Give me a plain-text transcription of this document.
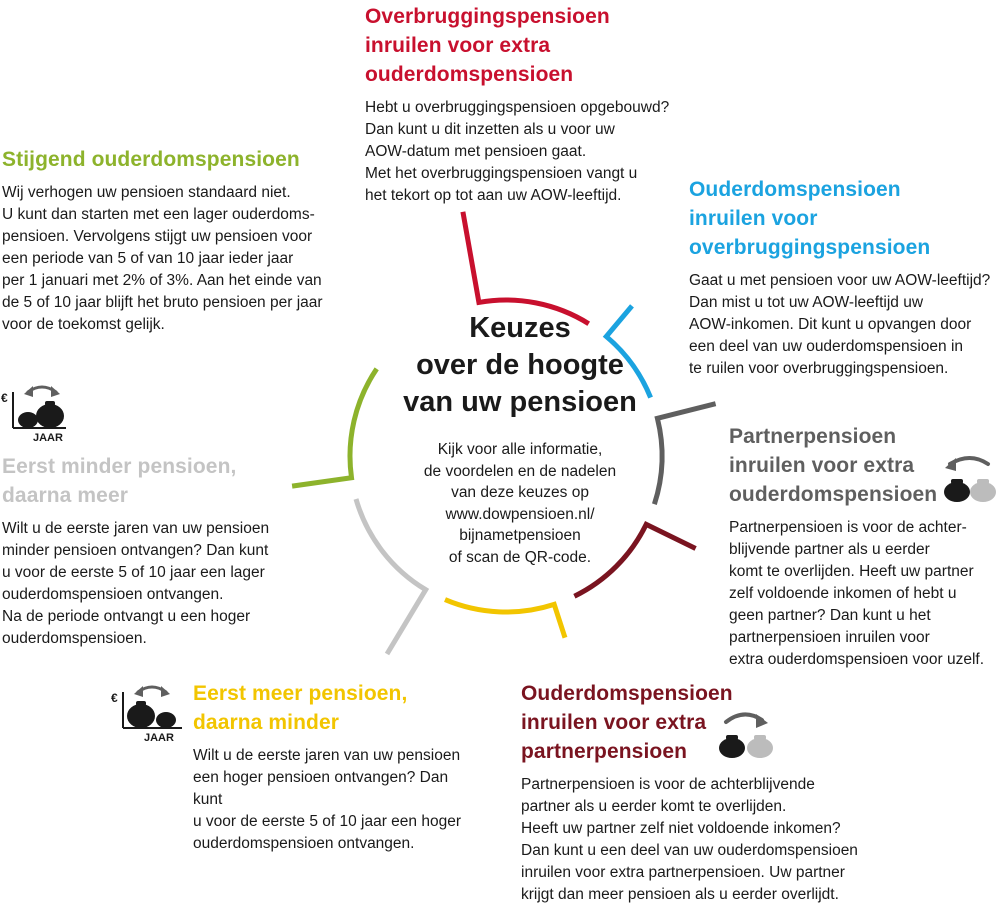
€
JAAR
€
JAAR
Keuzes
over de hoogte
van uw pensioen
Kijk voor alle informatie,
de voordelen en de nadelen
van deze keuzes op
www.dowpensioen.nl/
bijnametpensioen
of scan de QR-code.

Overbruggingspensioen
inruilen voor extra
ouderdomspensioen

Hebt u overbruggingspensioen opgebouwd?
Dan kunt u dit inzetten als u voor uw
AOW-datum met pensioen gaat.
Met het overbruggingspensioen vangt u
het tekort op tot aan uw AOW-leeftijd.

Stijgend ouderdomspensioen

Wij verhogen uw pensioen standaard niet.
U kunt dan starten met een lager ouderdoms-
pensioen. Vervolgens stijgt uw pensioen voor
een periode van 5 of van 10 jaar ieder jaar
per 1 januari met 2% of 3%. Aan het einde van
de 5 of 10 jaar blijft het bruto pensioen per jaar
voor de toekomst gelijk.

Ouderdomspensioen
inruilen voor
overbruggingspensioen

Gaat u met pensioen voor uw AOW-leeftijd?
Dan mist u tot uw AOW-leeftijd uw
AOW-inkomen. Dit kunt u opvangen door
een deel van uw ouderdomspensioen in
te ruilen voor overbruggingspensioen.

Partnerpensioen
inruilen voor extra
ouderdomspensioen

Partnerpensioen is voor de achter-
blijvende partner als u eerder
komt te overlijden. Heeft uw partner
zelf voldoende inkomen of hebt u
geen partner? Dan kunt u het
partnerpensioen inruilen voor
extra ouderdomspensioen voor uzelf.

Eerst minder pensioen,
daarna meer

Wilt u de eerste jaren van uw pensioen
minder pensioen ontvangen? Dan kunt
u voor de eerste 5 of 10 jaar een lager
ouderdomspensioen ontvangen.
Na de periode ontvangt u een hoger
ouderdomspensioen.

Eerst meer pensioen,
daarna minder

Wilt u de eerste jaren van uw pensioen
een hoger pensioen ontvangen? Dan kunt
u voor de eerste 5 of 10 jaar een hoger
ouderdomspensioen ontvangen.

Ouderdomspensioen
inruilen voor extra
partnerpensioen

Partnerpensioen is voor de achterblijvende
partner als u eerder komt te overlijden.
Heeft uw partner zelf niet voldoende inkomen?
Dan kunt u een deel van uw ouderdomspensioen
inruilen voor extra partnerpensioen. Uw partner
krijgt dan meer pensioen als u eerder overlijdt.
